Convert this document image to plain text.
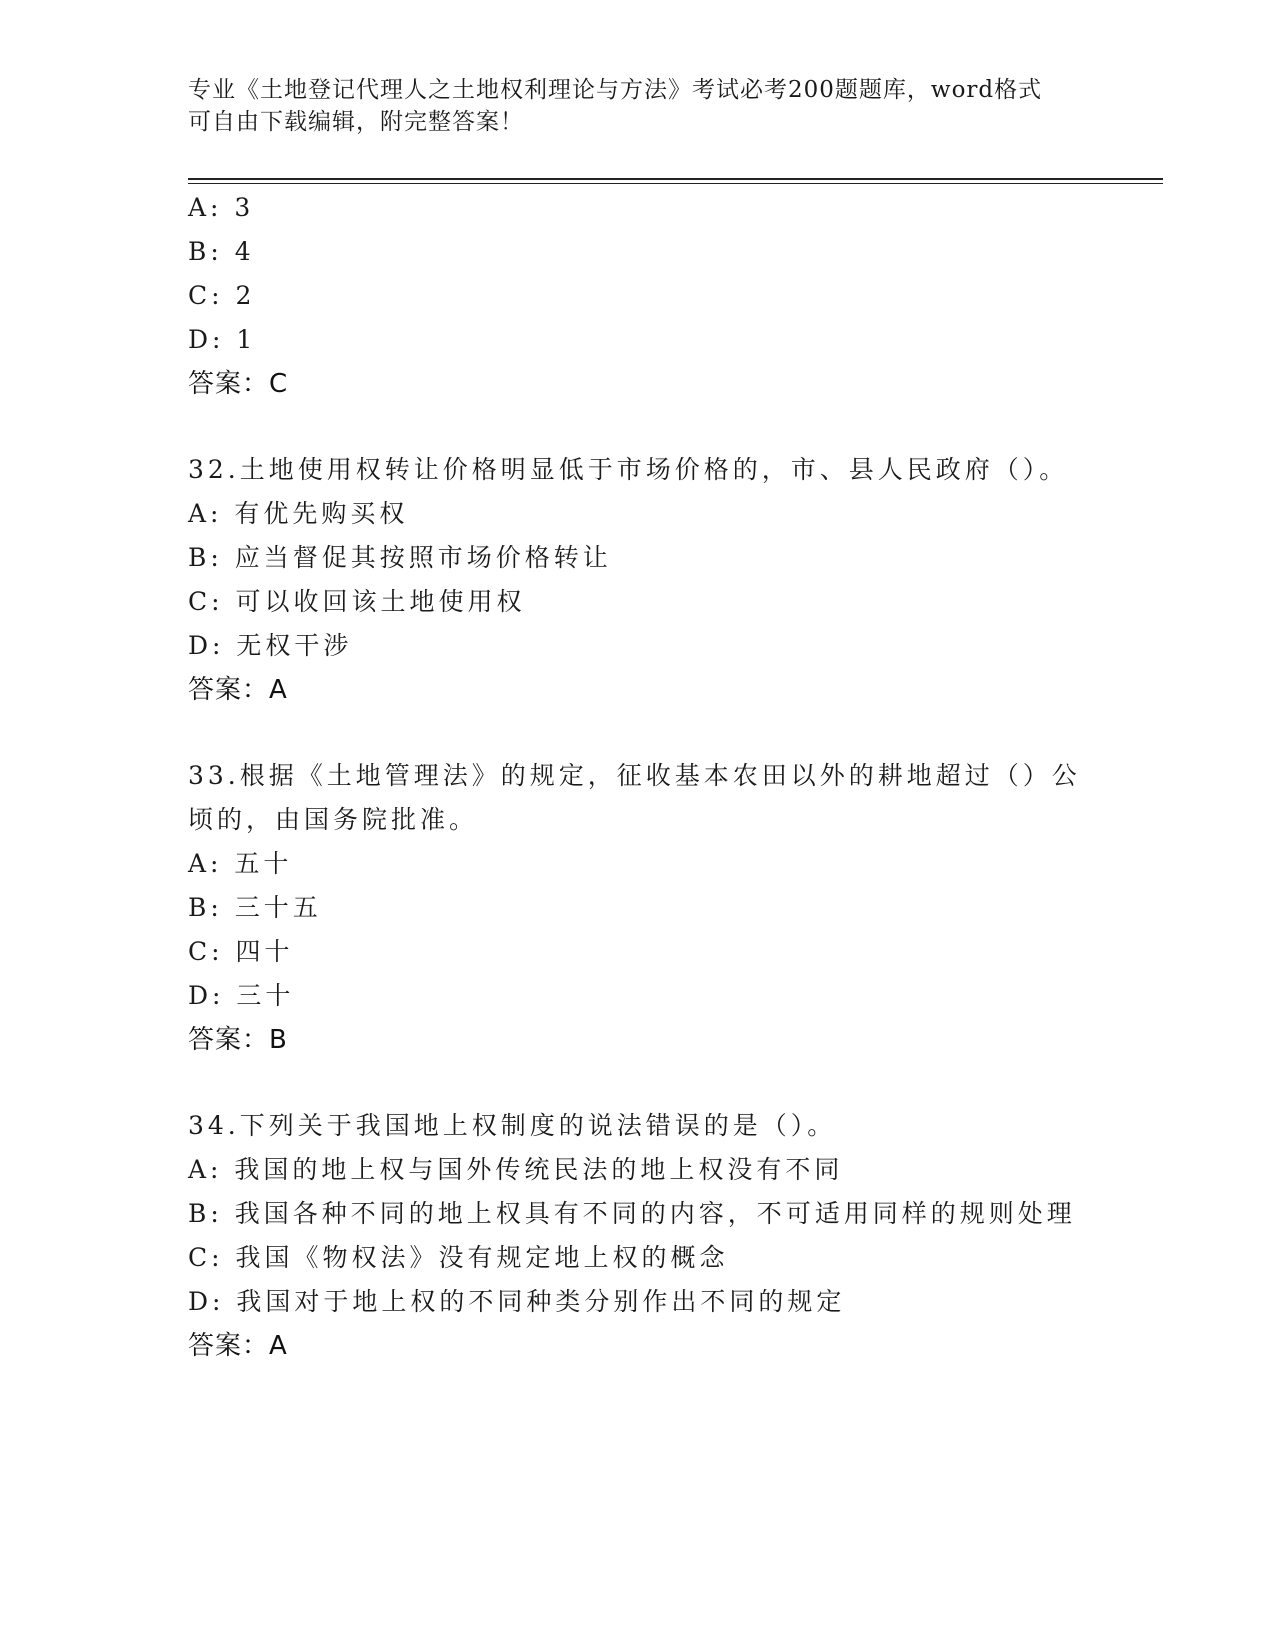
专业《土地登记代理人之土地权利理论与方法》考试必考200题题库，word格式
可自由下载编辑，附完整答案！
A: 3
B: 4
C: 2
D: 1
答案：C
32.土地使用权转让价格明显低于市场价格的，市、县人民政府（）。
A: 有优先购买权
B: 应当督促其按照市场价格转让
C: 可以收回该土地使用权
D: 无权干涉
答案：A
33.根据《土地管理法》的规定，征收基本农田以外的耕地超过（）公
顷的，由国务院批准。
A: 五十
B: 三十五
C: 四十
D: 三十
答案：B
34.下列关于我国地上权制度的说法错误的是（）。
A: 我国的地上权与国外传统民法的地上权没有不同
B: 我国各种不同的地上权具有不同的内容，不可适用同样的规则处理
C: 我国《物权法》没有规定地上权的概念
D: 我国对于地上权的不同种类分别作出不同的规定
答案：A
